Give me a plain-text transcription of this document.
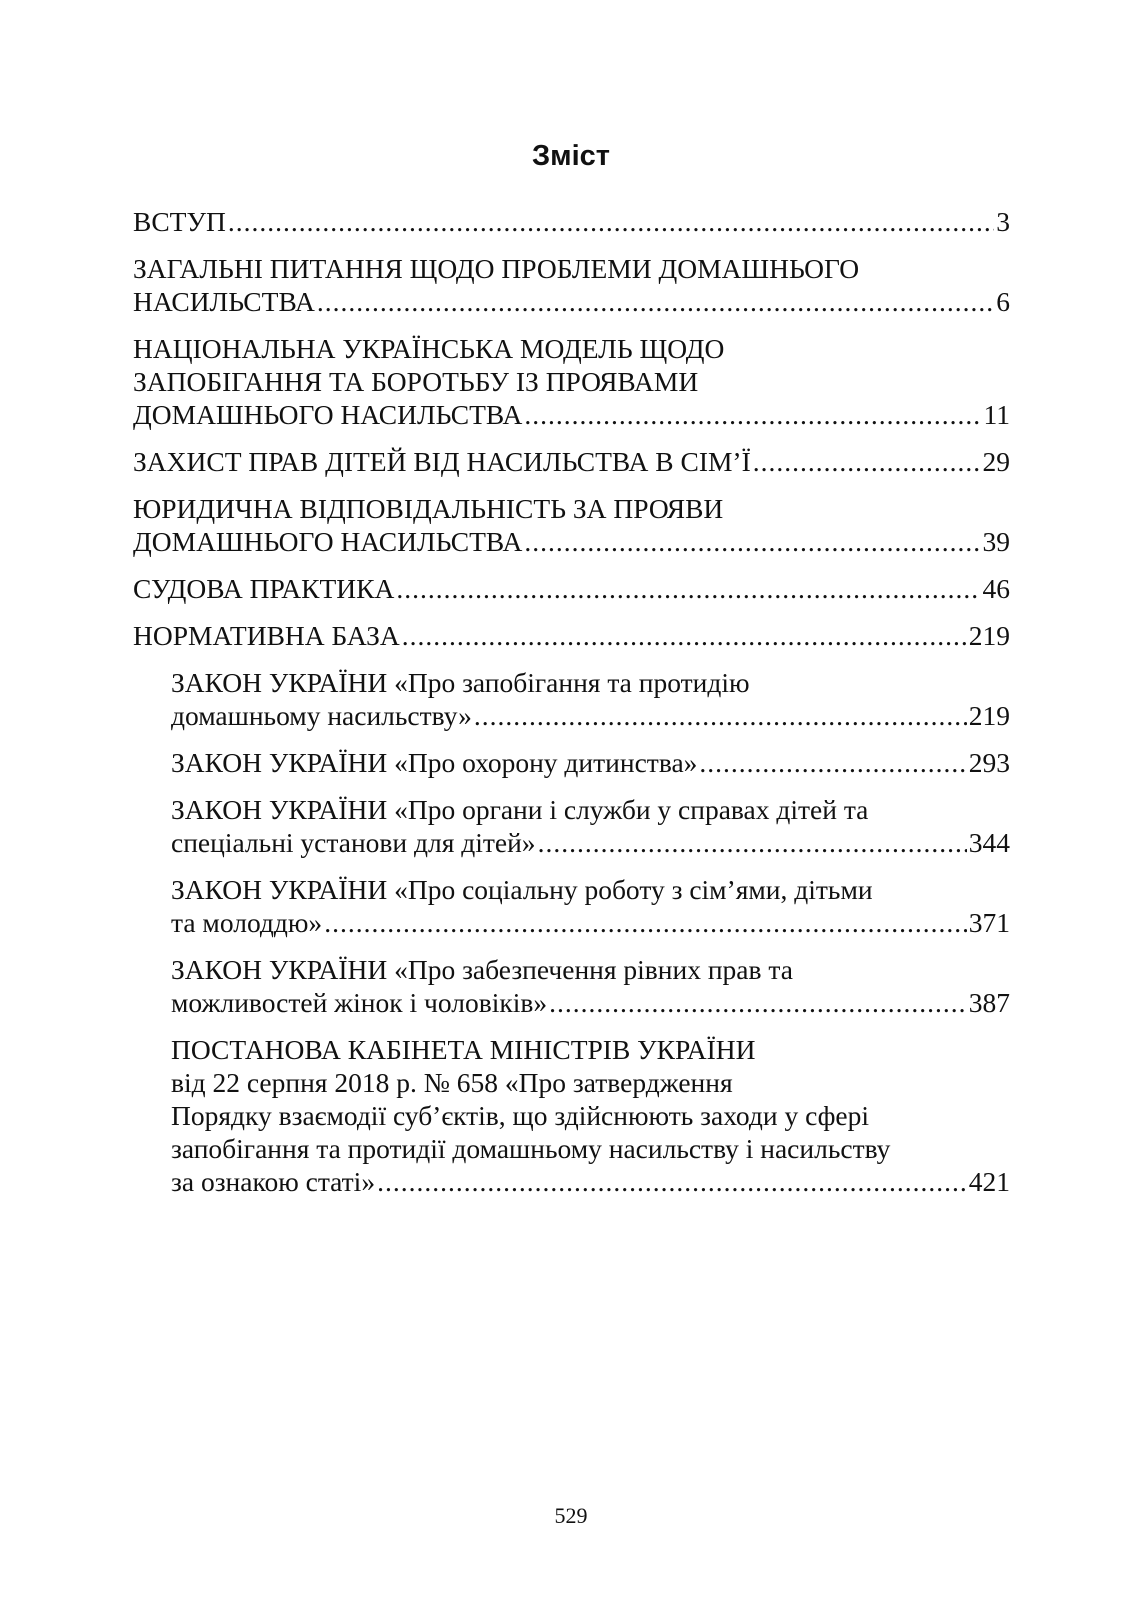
Зміст
ВСТУП .....	3
ЗАГАЛЬНІ ПИТАННЯ ЩОДО ПРОБЛЕМИ ДОМАШНЬОГО
НАСИЛЬСТВА .....	6
НАЦІОНАЛЬНА УКРАЇНСЬКА МОДЕЛЬ ЩОДО
ЗАПОБІГАННЯ ТА БОРОТЬБУ ІЗ ПРОЯВАМИ
ДОМАШНЬОГО НАСИЛЬСТВА .....	11
ЗАХИСТ ПРАВ ДІТЕЙ ВІД НАСИЛЬСТВА В СІМ’Ї .....	29
ЮРИДИЧНА ВІДПОВІДАЛЬНІСТЬ ЗА ПРОЯВИ
ДОМАШНЬОГО НАСИЛЬСТВА .....	39
СУДОВА ПРАКТИКА .....	46
НОРМАТИВНА БАЗА .....	219
ЗАКОН УКРАЇНИ «Про запобігання та протидію
домашньому насильству» .....	219
ЗАКОН УКРАЇНИ «Про охорону дитинства» .....	293
ЗАКОН УКРАЇНИ «Про органи і служби у справах дітей та
спеціальні установи для дітей» .....	344
ЗАКОН УКРАЇНИ «Про соціальну роботу з сім’ями, дітьми
та молоддю» .....	371
ЗАКОН УКРАЇНИ «Про забезпечення рівних прав та
можливостей жінок і чоловіків» .....	387
ПОСТАНОВА КАБІНЕТА МІНІСТРІВ УКРАЇНИ
від 22 серпня 2018 р. № 658 «Про затвердження
Порядку взаємодії суб’єктів, що здійснюють заходи у сфері
запобігання та протидії домашньому насильству і насильству
за ознакою статі» .....	421
529
